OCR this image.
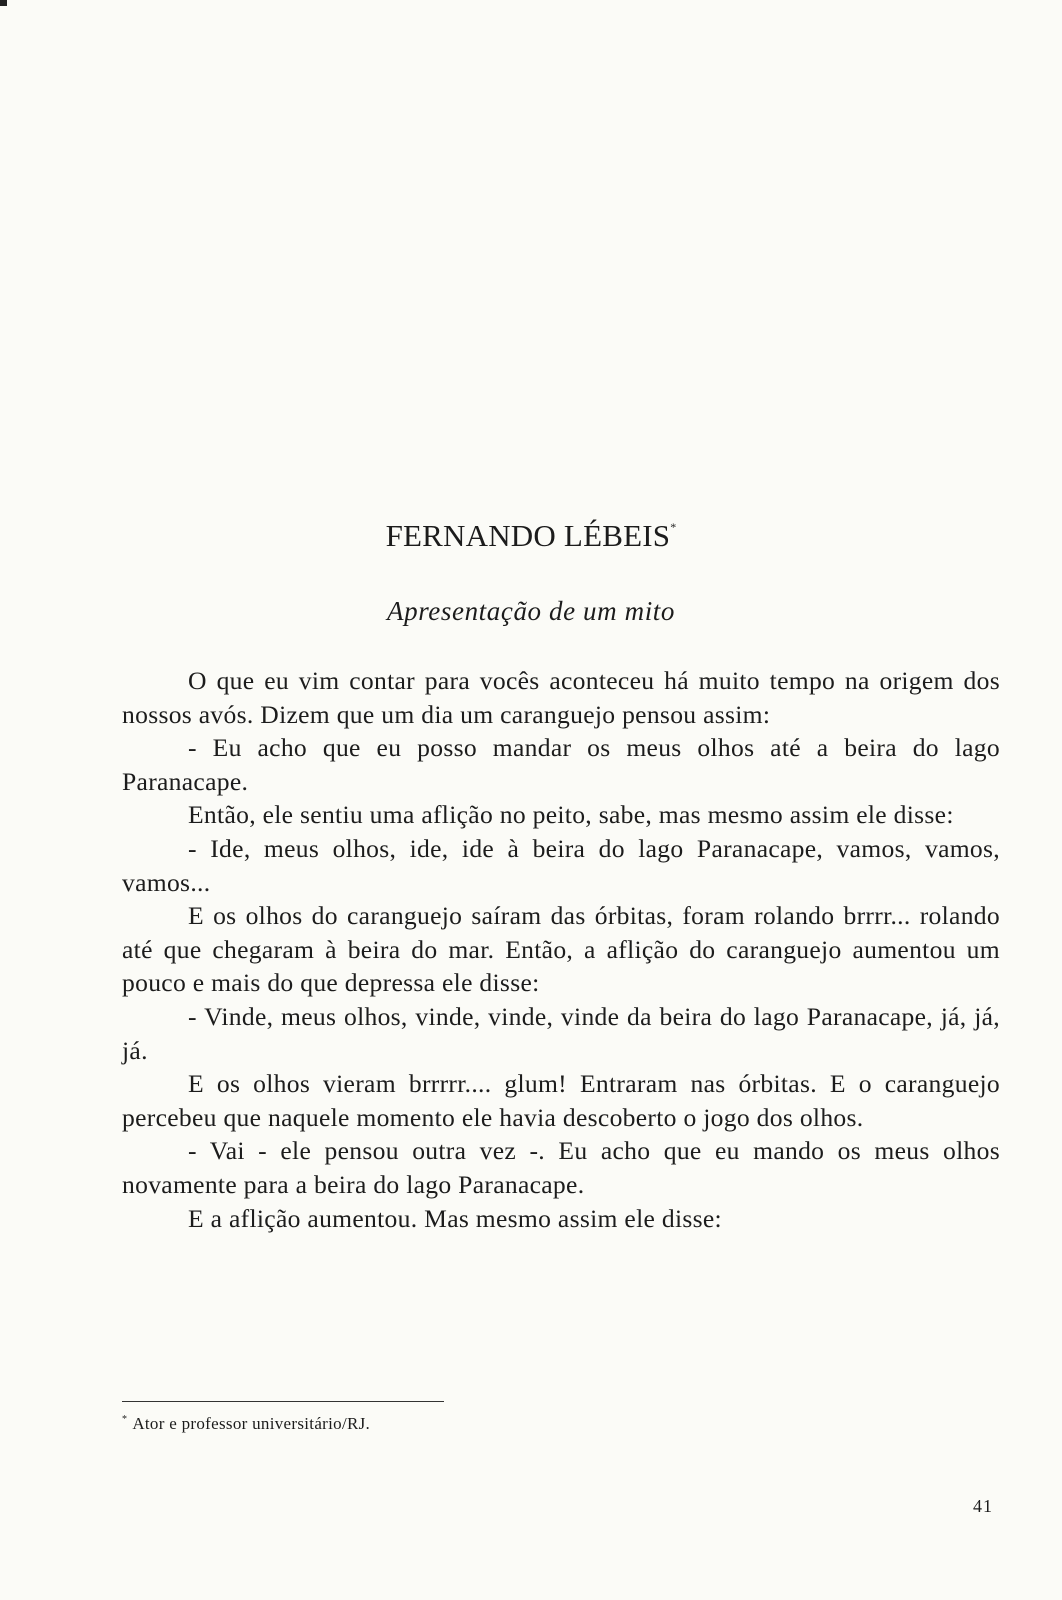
FERNANDO LÉBEIS*
Apresentação de um mito

O que eu vim contar para vocês aconteceu há muito tempo na origem dos nossos avós. Dizem que um dia um caranguejo pensou assim:

- Eu acho que eu posso mandar os meus olhos até a beira do lago Paranacape.

Então, ele sentiu uma aflição no peito, sabe, mas mesmo assim ele disse:

- Ide, meus olhos, ide, ide à beira do lago Paranacape, vamos, vamos, vamos...

E os olhos do caranguejo saíram das órbitas, foram rolando brrrr... rolando até que chegaram à beira do mar. Então, a aflição do caranguejo aumentou um pouco e mais do que depressa ele disse:

- Vinde, meus olhos, vinde, vinde, vinde da beira do lago Paranacape, já, já, já.

E os olhos vieram brrrrr.... glum! Entraram nas órbitas. E o caranguejo percebeu que naquele momento ele havia descoberto o jogo dos olhos.

- Vai - ele pensou outra vez -. Eu acho que eu mando os meus olhos novamente para a beira do lago Paranacape.

E a aflição aumentou. Mas mesmo assim ele disse:

* Ator e professor universitário/RJ.
41
